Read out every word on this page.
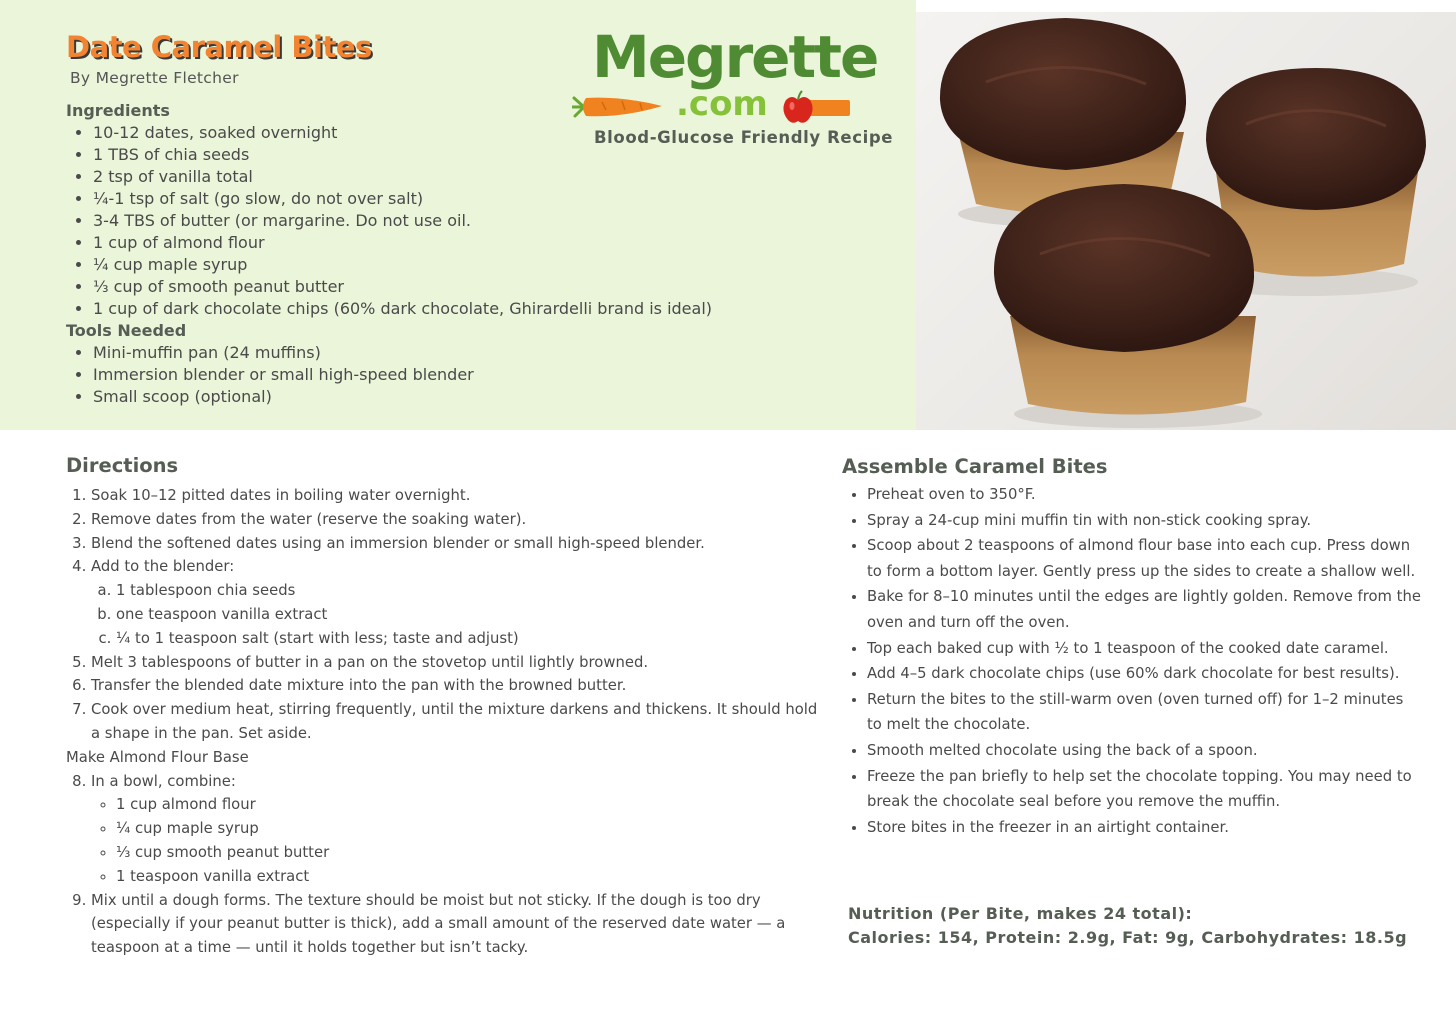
Date Caramel Bites
By Megrette Fletcher
Ingredients
• 10-12 dates, soaked overnight
• 1 TBS of chia seeds
• 2 tsp of vanilla total
• ¼-1 tsp of salt (go slow, do not over salt)
• 3-4 TBS of butter (or margarine. Do not use oil.
• 1 cup of almond flour
• ¼ cup maple syrup
• ⅓ cup of smooth peanut butter
• 1 cup of dark chocolate chips (60% dark chocolate, Ghirardelli brand is ideal)
Tools Needed
• Mini-muffin pan (24 muffins)
• Immersion blender or small high-speed blender
• Small scoop (optional)
Megrette
.com
Blood-Glucose Friendly Recipe
Directions
1. Soak 10–12 pitted dates in boiling water overnight.
2. Remove dates from the water (reserve the soaking water).
3. Blend the softened dates using an immersion blender or small high-speed blender.
4. Add to the blender:
a. 1 tablespoon chia seeds
b. one teaspoon vanilla extract
c. ¼ to 1 teaspoon salt (start with less; taste and adjust)
5. Melt 3 tablespoons of butter in a pan on the stovetop until lightly browned.
6. Transfer the blended date mixture into the pan with the browned butter.
7. Cook over medium heat, stirring frequently, until the mixture darkens and thickens. It should hold a shape in the pan. Set aside.
Make Almond Flour Base
8. In a bowl, combine:
◦ 1 cup almond flour
◦ ¼ cup maple syrup
◦ ⅓ cup smooth peanut butter
◦ 1 teaspoon vanilla extract
9. Mix until a dough forms. The texture should be moist but not sticky. If the dough is too dry (especially if your peanut butter is thick), add a small amount of the reserved date water — a teaspoon at a time — until it holds together but isn’t tacky.
Assemble Caramel Bites
• Preheat oven to 350°F.
• Spray a 24-cup mini muffin tin with non-stick cooking spray.
• Scoop about 2 teaspoons of almond flour base into each cup. Press down to form a bottom layer. Gently press up the sides to create a shallow well.
• Bake for 8–10 minutes until the edges are lightly golden. Remove from the oven and turn off the oven.
• Top each baked cup with ½ to 1 teaspoon of the cooked date caramel.
• Add 4–5 dark chocolate chips (use 60% dark chocolate for best results).
• Return the bites to the still-warm oven (oven turned off) for 1–2 minutes to melt the chocolate.
• Smooth melted chocolate using the back of a spoon.
• Freeze the pan briefly to help set the chocolate topping. You may need to break the chocolate seal before you remove the muffin.
• Store bites in the freezer in an airtight container.
Nutrition (Per Bite, makes 24 total):
Calories: 154, Protein: 2.9g, Fat: 9g, Carbohydrates: 18.5g
